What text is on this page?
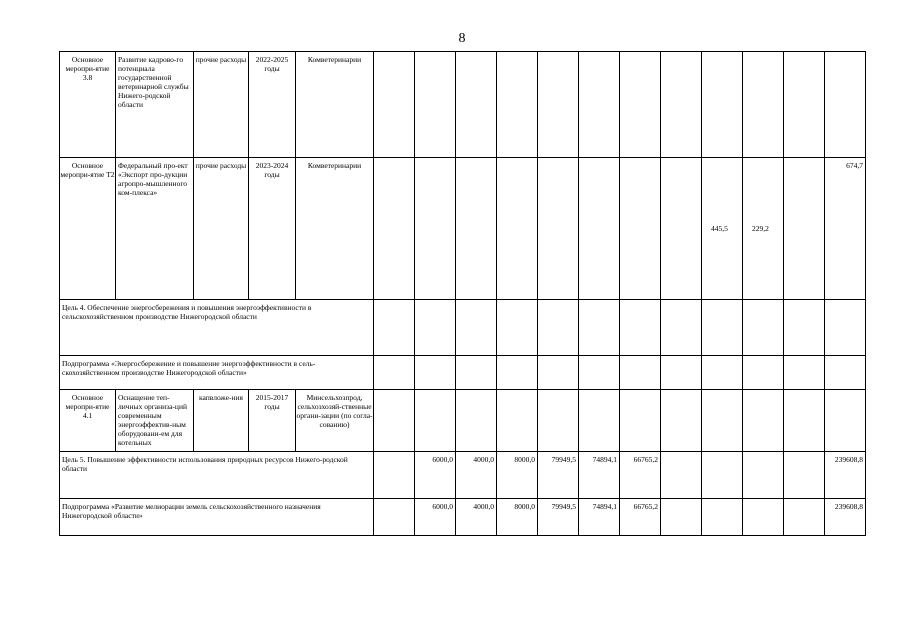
8
Основное меропри-ятие 3.8	Развитие кадрово-го потенциала государственной ветеринарной службы Нижего-родской области	прочие расходы	2022-2025 годы	Комветеринарии												
Основное меропри-ятие Т2	Федеральный про-ект «Экспорт про-дукции агропро-мышленного ком-плекса»	прочие расходы	2023-2024 годы	Комветеринарии									445,5	229,2		674,7
Цель 4. Обеспечение энергосбережения и повышения энергоэффективности в сельскохозяйственном производстве Нижегородской области																
Подпрограмма «Энергосбережение и повышение энергоэффективности в сель-скохозяйственном производстве Нижегородской области»																
Основное меропри-ятие 4.1	Оснащение теп-личных организа-ций современным энергоэффектив-ным оборудовани-ем для котельных	капвложе-ния	2015-2017 годы	Минсельхозпрод, сельхозхозяй-ственные органи-зации (по согла-сованию)												
Цель 5. Повышение эффективности использования природных ресурсов Нижего-родской области						6000,0	4000,0	8000,0	79949,5	74894,1	66765,2					239608,8
Подпрограмма «Развитие мелиорации земель сельскохозяйственного назначения Нижегородской области»						6000,0	4000,0	8000,0	79949,5	74894,1	66765,2					239608,8
